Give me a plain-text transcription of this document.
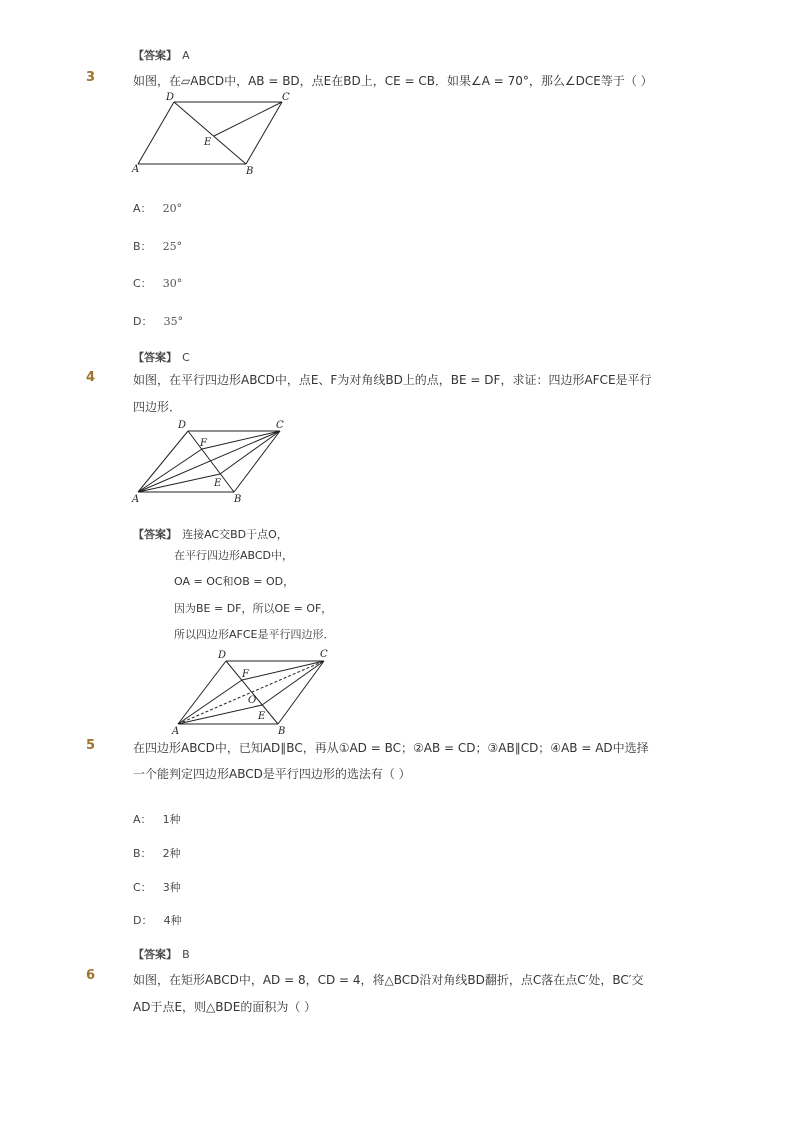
【答案】 A
3	如图，在▱ABCD中，AB = BD，点E在BD上，CE = CB．如果∠A = 70°，那么∠DCE等于（ ）
A	B
C
D
E
A： 20°
B： 25°
C： 30°
D： 35°
【答案】 C
4	如图，在平行四边形ABCD中，点E、F为对角线BD上的点，BE = DF，求证：四边形AFCE是平行
四边形．
A	B
C
D
F
E
【答案】 连接AC交BD于点O，
在平行四边形ABCD中，
OA = OC和OB = OD，
因为BE = DF，所以OE = OF，
所以四边形AFCE是平行四边形．
A	B
C
D
F
O
E
5	在四边形ABCD中，已知AD∥BC，再从①AD = BC；②AB = CD；③AB∥CD；④AB = AD中选择
一个能判定四边形ABCD是平行四边形的选法有（ ）
A： 1种
B： 2种
C： 3种
D： 4种
【答案】 B
6	如图，在矩形ABCD中，AD = 8，CD = 4，将△BCD沿对角线BD翻折，点C落在点C′处，BC′交
AD于点E，则△BDE的面积为（ ）
